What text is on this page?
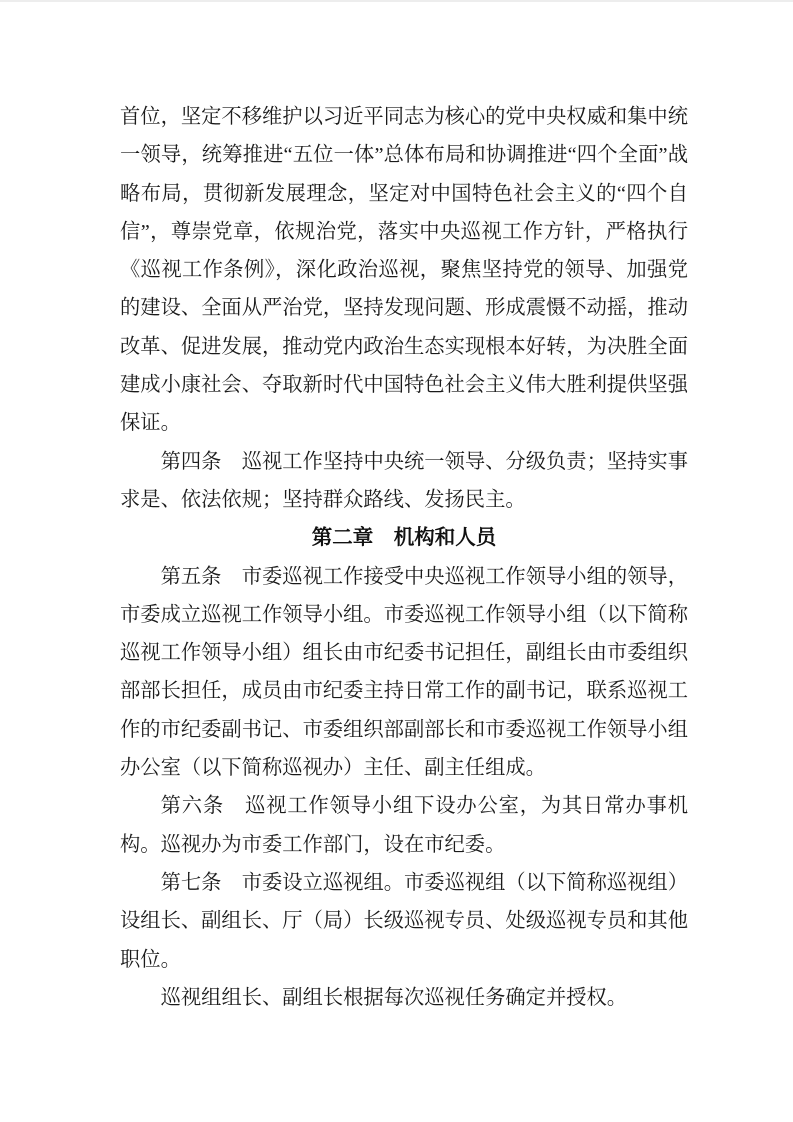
首位，坚定不移维护以习近平同志为核心的党中央权威和集中统一领导，统筹推进“五位一体”总体布局和协调推进“四个全面”战略布局，贯彻新发展理念，坚定对中国特色社会主义的“四个自信”，尊崇党章，依规治党，落实中央巡视工作方针，严格执行《巡视工作条例》，深化政治巡视，聚焦坚持党的领导、加强党的建设、全面从严治党，坚持发现问题、形成震慑不动摇，推动改革、促进发展，推动党内政治生态实现根本好转，为决胜全面建成小康社会、夺取新时代中国特色社会主义伟大胜利提供坚强保证。

第四条　巡视工作坚持中央统一领导、分级负责；坚持实事求是、依法依规；坚持群众路线、发扬民主。

第二章　机构和人员

第五条　市委巡视工作接受中央巡视工作领导小组的领导，市委成立巡视工作领导小组。市委巡视工作领导小组（以下简称巡视工作领导小组）组长由市纪委书记担任，副组长由市委组织部部长担任，成员由市纪委主持日常工作的副书记，联系巡视工作的市纪委副书记、市委组织部副部长和市委巡视工作领导小组办公室（以下简称巡视办）主任、副主任组成。

第六条　巡视工作领导小组下设办公室，为其日常办事机构。巡视办为市委工作部门，设在市纪委。

第七条　市委设立巡视组。市委巡视组（以下简称巡视组）设组长、副组长、厅（局）长级巡视专员、处级巡视专员和其他职位。

巡视组组长、副组长根据每次巡视任务确定并授权。
